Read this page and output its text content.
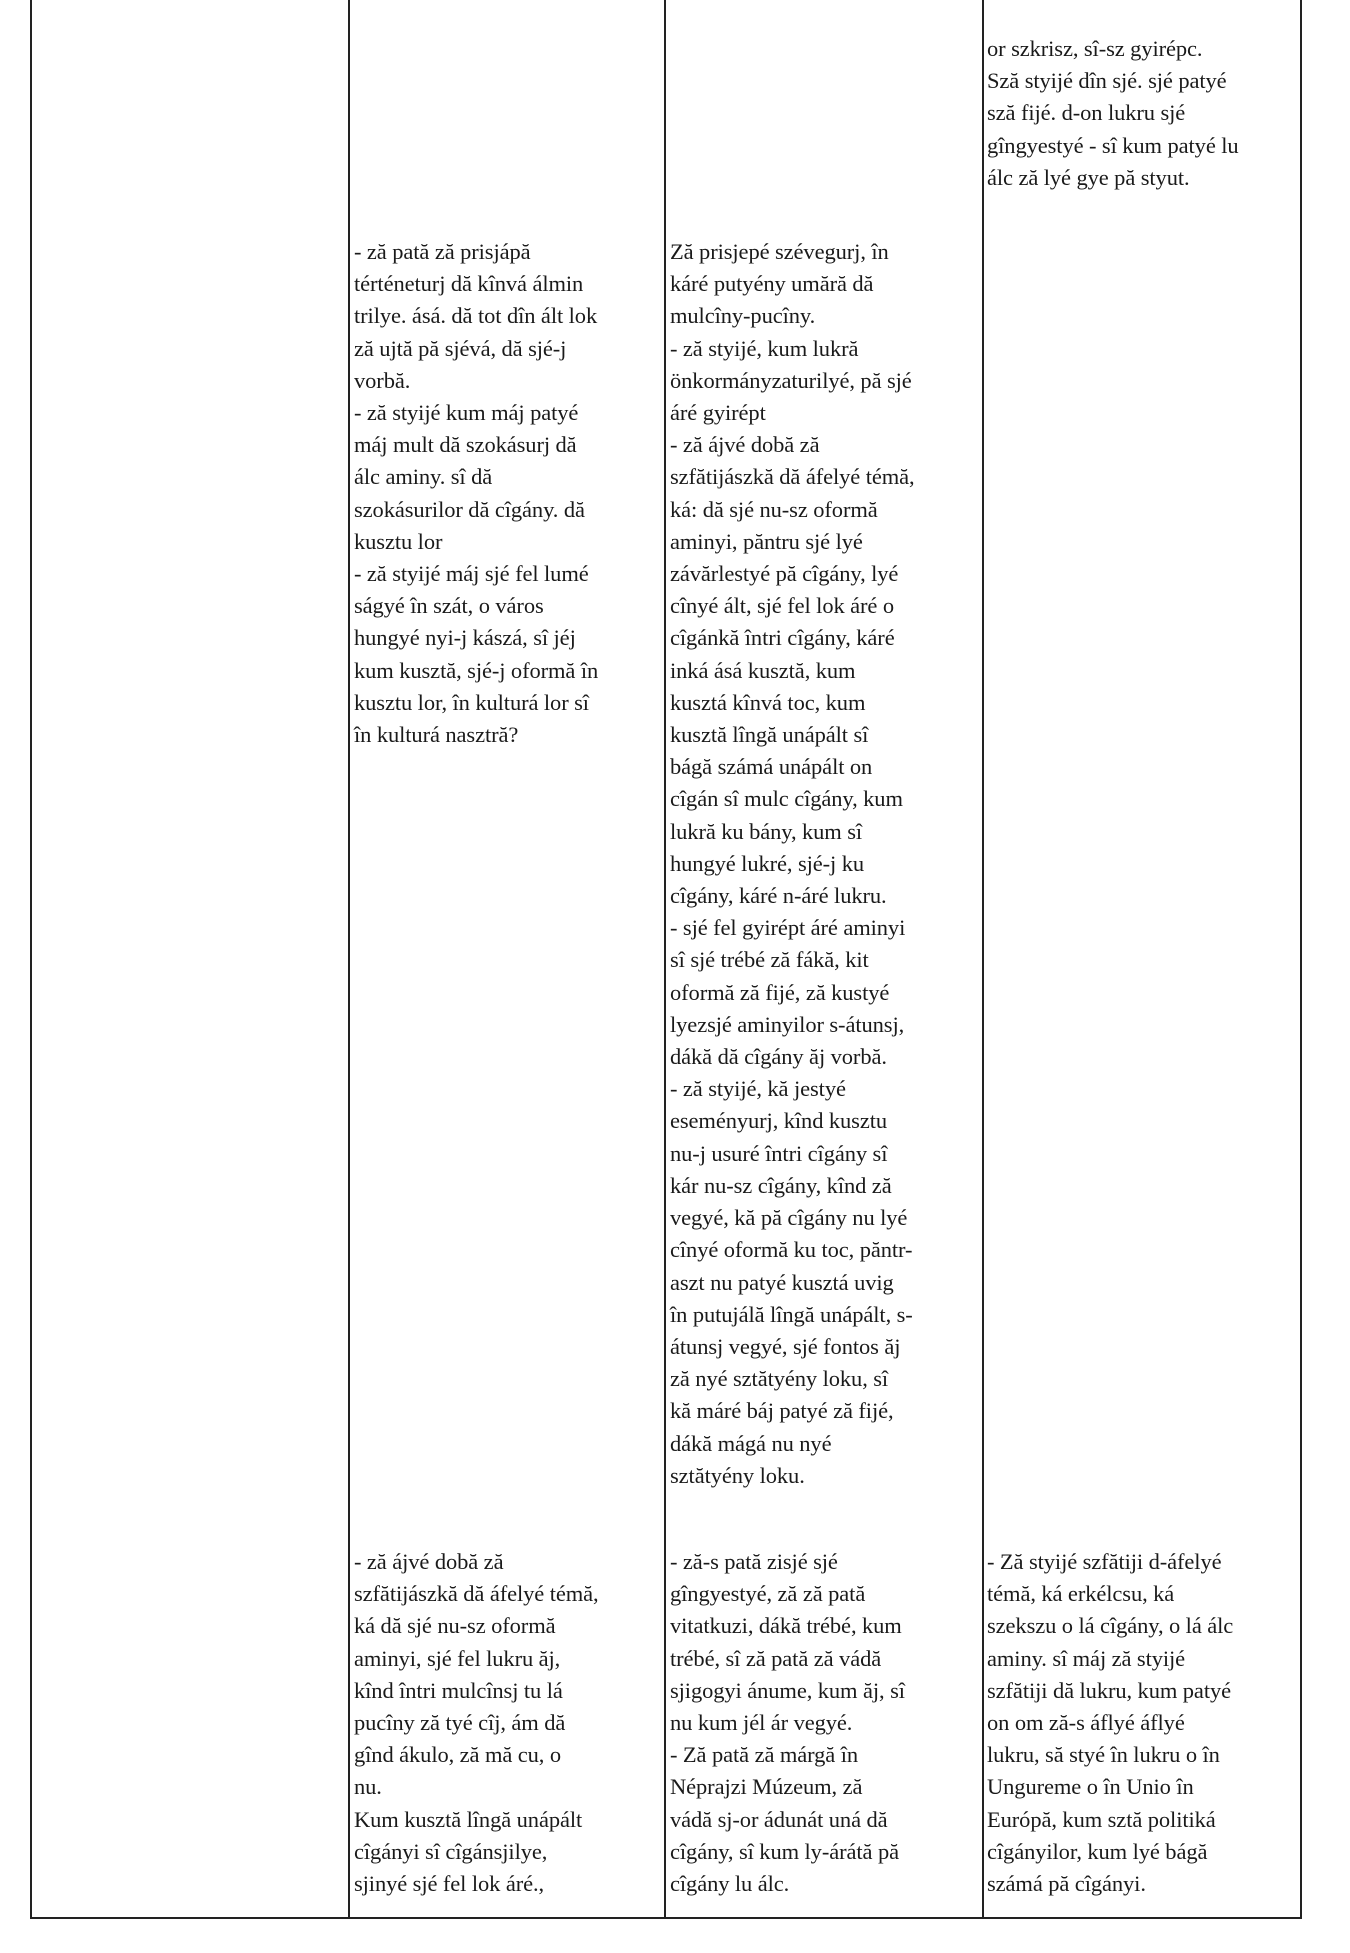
or szkrisz, sî-sz gyirépc.
Sză styijé dîn sjé. sjé patyé
sză fijé. d-on lukru sjé
gîngyestyé - sî kum patyé lu
álc ză lyé gye pă styut.
- ză pată ză prisjápă
térténeturj dă kînvá álmin
trilye. ásá. dă tot dîn ált lok
ză ujtă pă sjévá, dă sjé-j
vorbă.
- ză styijé kum máj patyé
máj mult dă szokásurj dă
álc aminy. sî dă
szokásurilor dă cîgány. dă
kusztu lor
- ză styijé máj sjé fel lumé
ságyé în szát, o város
hungyé nyi-j kászá, sî jéj
kum kusztă, sjé-j oformă în
kusztu lor, în kulturá lor sî
în kulturá nasztră?
Ză prisjepé szévegurj, în
káré putyény umără dă
mulcîny-pucîny.
- ză styijé, kum lukră
önkormányzaturilyé, pă sjé
áré gyirépt
- ză ájvé dobă ză
szfătijászkă dă áfelyé témă,
ká: dă sjé nu-sz oformă
aminyi, păntru sjé lyé
závărlestyé pă cîgány, lyé
cînyé ált, sjé fel lok áré o
cîgánkă întri cîgány, káré
inká ásá kusztă, kum
kusztá kînvá toc, kum
kusztă lîngă unápált sî
bágă számá unápált on
cîgán sî mulc cîgány, kum
lukră ku bány, kum sî
hungyé lukré, sjé-j ku
cîgány, káré n-áré lukru.
- sjé fel gyirépt áré aminyi
sî sjé trébé ză fákă, kit
oformă ză fijé, ză kustyé
lyezsjé aminyilor s-átunsj,
dákă dă cîgány ăj vorbă.
- ză styijé, kă jestyé
eseményurj, kînd kusztu
nu-j usuré întri cîgány sî
kár nu-sz cîgány, kînd ză
vegyé, kă pă cîgány nu lyé
cînyé oformă ku toc, păntr-
aszt nu patyé kusztá uvig
în putujálă lîngă unápált, s-
átunsj vegyé, sjé fontos ăj
ză nyé sztătyény loku, sî
kă máré báj patyé ză fijé,
dákă mágá nu nyé
sztătyény loku.
- ză ájvé dobă ză
szfătijászkă dă áfelyé témă,
ká dă sjé nu-sz oformă
aminyi, sjé fel lukru ăj,
kînd întri mulcînsj tu lá
pucîny ză tyé cîj, ám dă
gînd ákulo, ză mă cu, o
nu.
Kum kusztă lîngă unápált
cîgányi sî cîgánsjilye,
sjinyé sjé fel lok áré.,
- ză-s pată zisjé sjé
gîngyestyé, ză ză pată
vitatkuzi, dákă trébé, kum
trébé, sî ză pată ză vádă
sjigogyi ánume, kum ăj, sî
nu kum jél ár vegyé.
- Ză pată ză márgă în
Néprajzi Múzeum, ză
vádă sj-or ádunát uná dă
cîgány, sî kum ly-árátă pă
cîgány lu álc.
- Ză styijé szfătiji d-áfelyé
témă, ká erkélcsu, ká
szekszu o lá cîgány, o lá álc
aminy. sî máj ză styijé
szfătiji dă lukru, kum patyé
on om ză-s áflyé áflyé
lukru, să styé în lukru o în
Ungureme o în Unio în
Európă, kum sztă politiká
cîgányilor, kum lyé bágă
számá pă cîgányi.
